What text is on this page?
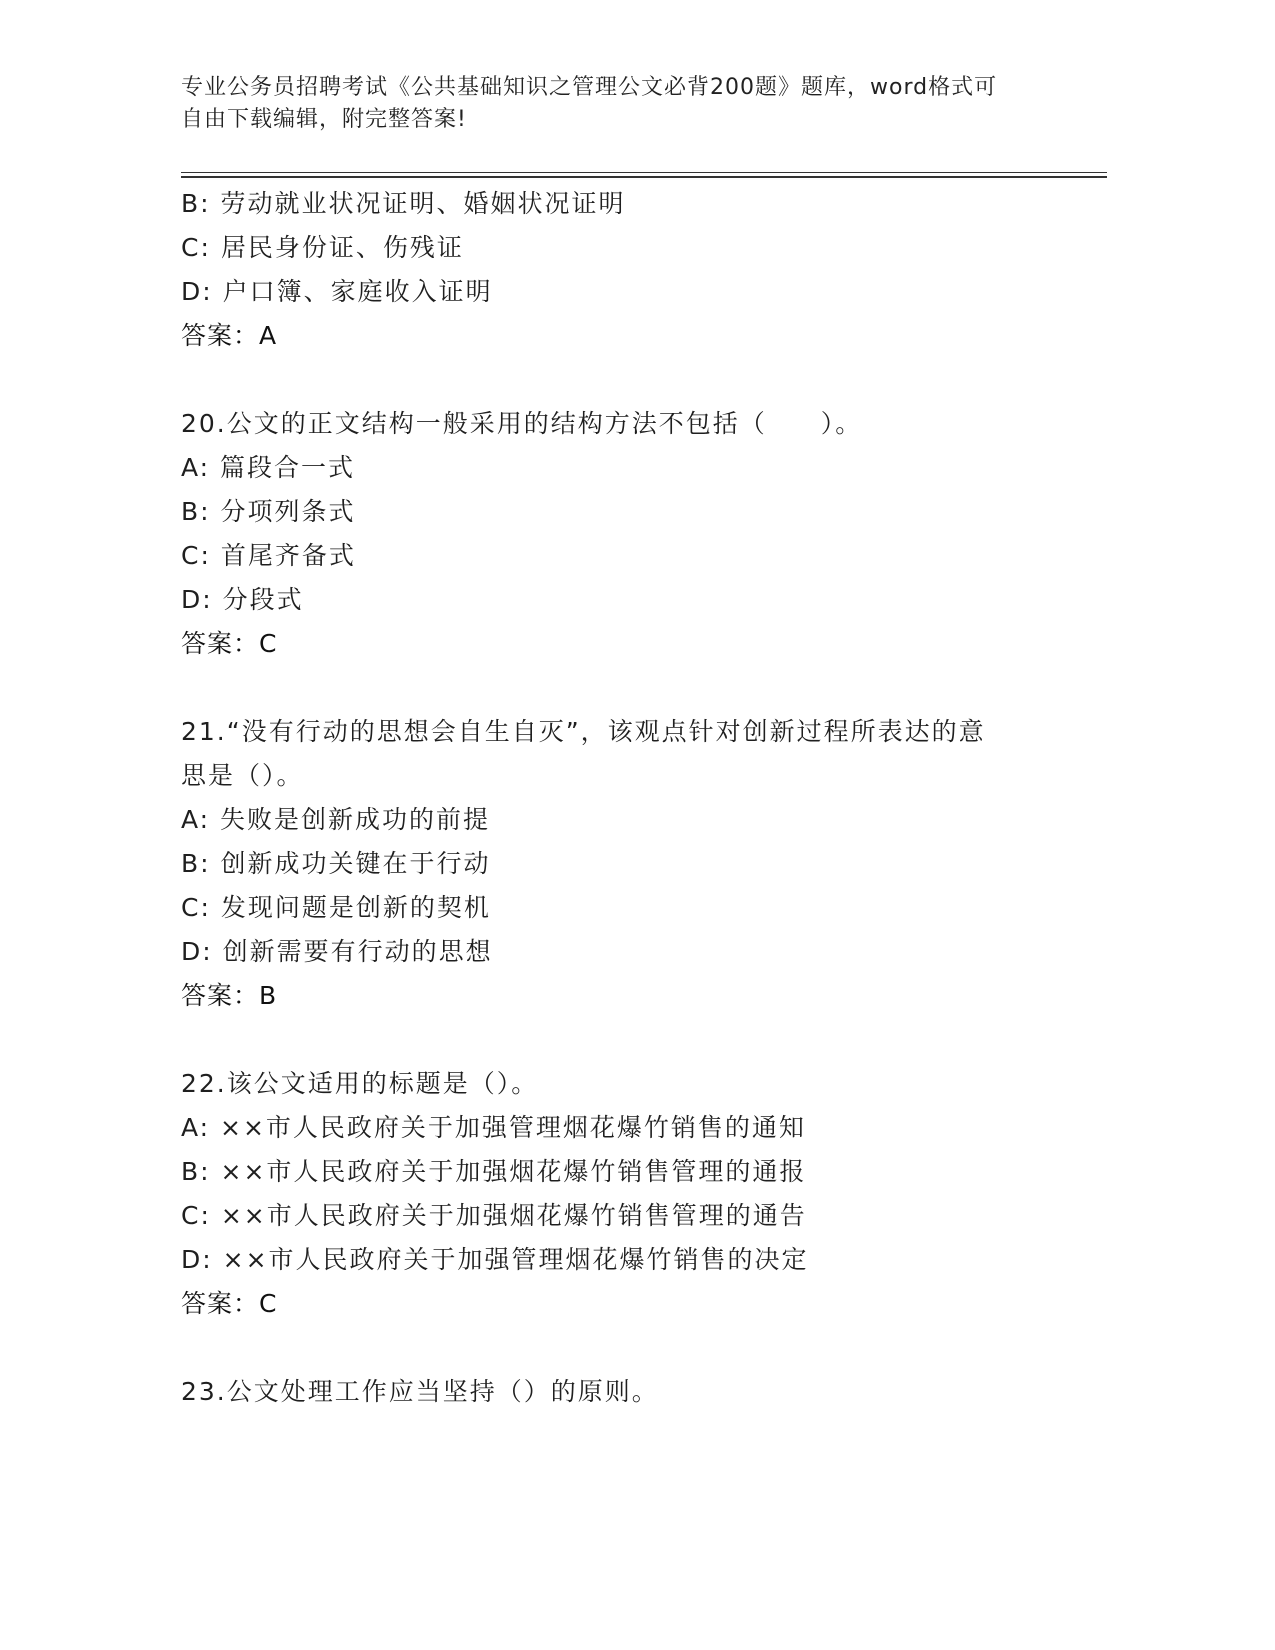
专业公务员招聘考试《公共基础知识之管理公文必背200题》题库，word格式可
自由下载编辑，附完整答案!
B: 劳动就业状况证明、婚姻状况证明
C: 居民身份证、伤残证
D: 户口簿、家庭收入证明
答案：A
20.公文的正文结构一般采用的结构方法不包括（　　）。
A: 篇段合一式
B: 分项列条式
C: 首尾齐备式
D: 分段式
答案：C
21.“没有行动的思想会自生自灭”，该观点针对创新过程所表达的意
思是（）。
A: 失败是创新成功的前提
B: 创新成功关键在于行动
C: 发现问题是创新的契机
D: 创新需要有行动的思想
答案：B
22.该公文适用的标题是（）。
A: ××市人民政府关于加强管理烟花爆竹销售的通知
B: ××市人民政府关于加强烟花爆竹销售管理的通报
C: ××市人民政府关于加强烟花爆竹销售管理的通告
D: ××市人民政府关于加强管理烟花爆竹销售的决定
答案：C
23.公文处理工作应当坚持（）的原则。
